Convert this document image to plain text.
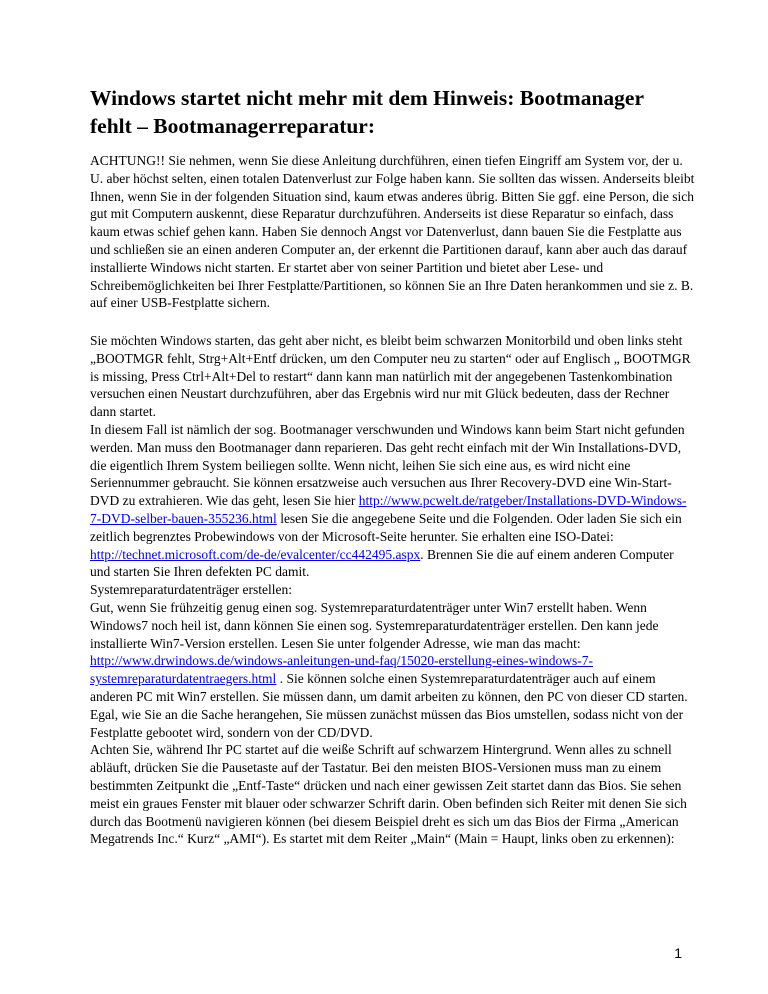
Windows startet nicht mehr mit dem Hinweis: Bootmanager fehlt – Bootmanagerreparatur:

ACHTUNG!! Sie nehmen, wenn Sie diese Anleitung durchführen, einen tiefen Eingriff am System vor, der u. U. aber höchst selten, einen totalen Datenverlust zur Folge haben kann. Sie sollten das wissen. Anderseits bleibt Ihnen, wenn Sie in der folgenden Situation sind, kaum etwas anderes übrig. Bitten Sie ggf. eine Person, die sich gut mit Computern auskennt, diese Reparatur durchzuführen. Anderseits ist diese Reparatur so einfach, dass kaum etwas schief gehen kann. Haben Sie dennoch Angst vor Datenverlust, dann bauen Sie die Festplatte aus und schließen sie an einen anderen Computer an, der erkennt die Partitionen darauf, kann aber auch das darauf installierte Windows nicht starten. Er startet aber von seiner Partition und bietet aber Lese- und Schreibemöglichkeiten bei Ihrer Festplatte/Partitionen, so können Sie an Ihre Daten herankommen und sie z. B. auf einer USB-Festplatte sichern.

Sie möchten Windows starten, das geht aber nicht, es bleibt beim schwarzen Monitorbild und oben links steht „BOOTMGR fehlt, Strg+Alt+Entf drücken, um den Computer neu zu starten“ oder auf Englisch „ BOOTMGR is missing, Press Ctrl+Alt+Del to restart“ dann kann man natürlich mit der angegebenen Tastenkombination versuchen einen Neustart durchzuführen, aber das Ergebnis wird nur mit Glück bedeuten, dass der Rechner dann startet.

In diesem Fall ist nämlich der sog. Bootmanager verschwunden und Windows kann beim Start nicht gefunden werden. Man muss den Bootmanager dann reparieren. Das geht recht einfach mit der Win Installations-DVD, die eigentlich Ihrem System beiliegen sollte. Wenn nicht, leihen Sie sich eine aus, es wird nicht eine Seriennummer gebraucht. Sie können ersatzweise auch versuchen aus Ihrer Recovery-DVD eine Win-Start-DVD zu extrahieren. Wie das geht, lesen Sie hier http://www.pcwelt.de/ratgeber/Installations-DVD-Windows-7-DVD-selber-bauen-355236.html lesen Sie die angegebene Seite und die Folgenden. Oder laden Sie sich ein zeitlich begrenztes Probewindows von der Microsoft-Seite herunter. Sie erhalten eine ISO-Datei: http://technet.microsoft.com/de-de/evalcenter/cc442495.aspx. Brennen Sie die auf einem anderen Computer und starten Sie Ihren defekten PC damit.

Systemreparaturdatenträger erstellen:

Gut, wenn Sie frühzeitig genug einen sog. Systemreparaturdatenträger unter Win7 erstellt haben. Wenn Windows7 noch heil ist, dann können Sie einen sog. Systemreparaturdatenträger erstellen. Den kann jede installierte Win7-Version erstellen. Lesen Sie unter folgender Adresse, wie man das macht: http://www.drwindows.de/windows-anleitungen-und-faq/15020-erstellung-eines-windows-7-systemreparaturdatentraegers.html . Sie können solche einen Systemreparaturdatenträger auch auf einem anderen PC mit Win7 erstellen. Sie müssen dann, um damit arbeiten zu können, den PC von dieser CD starten.

Egal, wie Sie an die Sache herangehen, Sie müssen zunächst müssen das Bios umstellen, sodass nicht von der Festplatte gebootet wird, sondern von der CD/DVD.

Achten Sie, während Ihr PC startet auf die weiße Schrift auf schwarzem Hintergrund. Wenn alles zu schnell abläuft, drücken Sie die Pausetaste auf der Tastatur. Bei den meisten BIOS-Versionen muss man zu einem bestimmten Zeitpunkt die „Entf-Taste“ drücken und nach einer gewissen Zeit startet dann das Bios. Sie sehen meist ein graues Fenster mit blauer oder schwarzer Schrift darin. Oben befinden sich Reiter mit denen Sie sich durch das Bootmenü navigieren können (bei diesem Beispiel dreht es sich um das Bios der Firma „American Megatrends Inc.“ Kurz“ „AMI“). Es startet mit dem Reiter „Main“ (Main = Haupt, links oben zu erkennen):

1
